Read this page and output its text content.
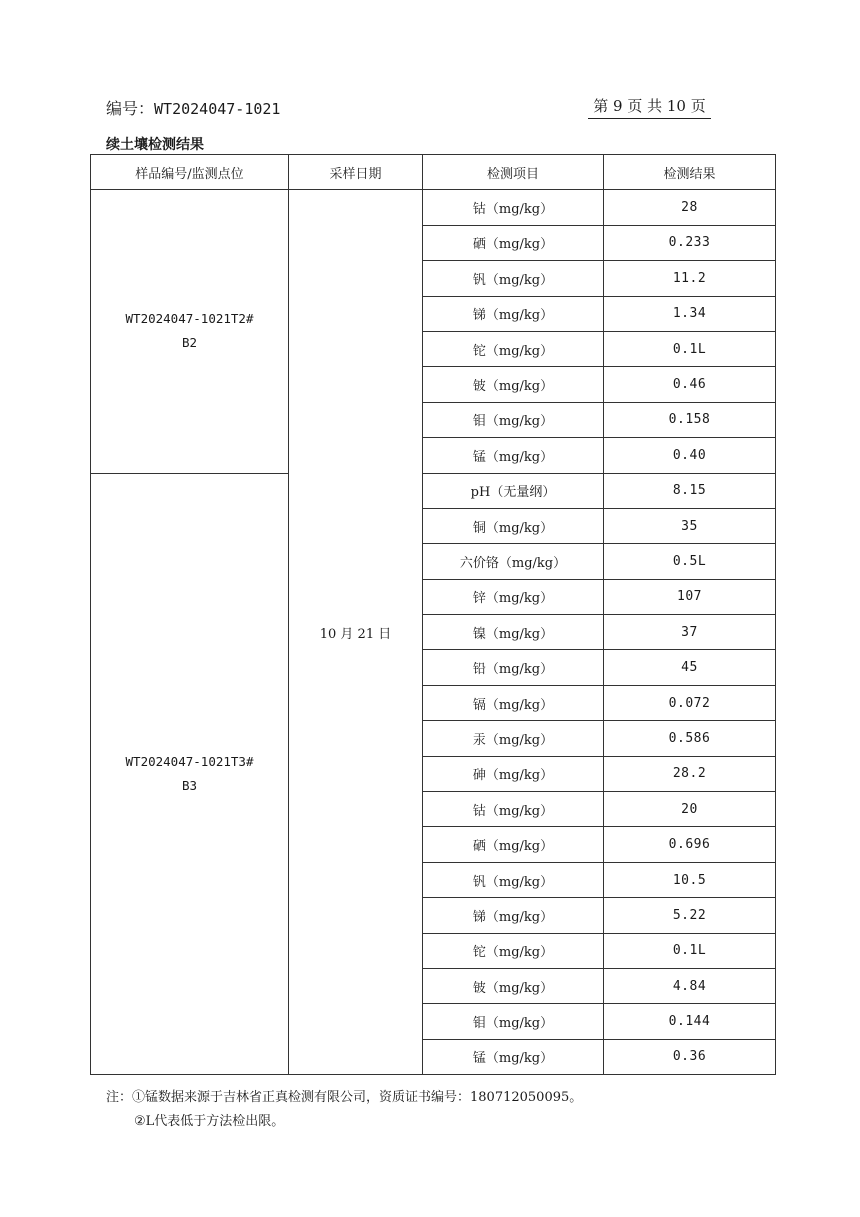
编号：WT2024047-1021	第 9 页 共 10 页
续土壤检测结果
样品编号/监测点位	采样日期	检测项目	检测结果

WT2024047-1021T2#
B2	10 月 21 日	钴（mg/kg）	28
		硒（mg/kg）	0.233
		钒（mg/kg）	11.2
		锑（mg/kg）	1.34
		铊（mg/kg）	0.1L
		铍（mg/kg）	0.46
		钼（mg/kg）	0.158
		锰（mg/kg）	0.40

WT2024047-1021T3#
B3		pH（无量纲）	8.15
		铜（mg/kg）	35
		六价铬（mg/kg）	0.5L
		锌（mg/kg）	107
		镍（mg/kg）	37
		铅（mg/kg）	45
		镉（mg/kg）	0.072
		汞（mg/kg）	0.586
		砷（mg/kg）	28.2
		钴（mg/kg）	20
		硒（mg/kg）	0.696
		钒（mg/kg）	10.5
		锑（mg/kg）	5.22
		铊（mg/kg）	0.1L
		铍（mg/kg）	4.84
		钼（mg/kg）	0.144
		锰（mg/kg）	0.36
注：①锰数据来源于吉林省正真检测有限公司，资质证书编号：180712050095。
②L代表低于方法检出限。
